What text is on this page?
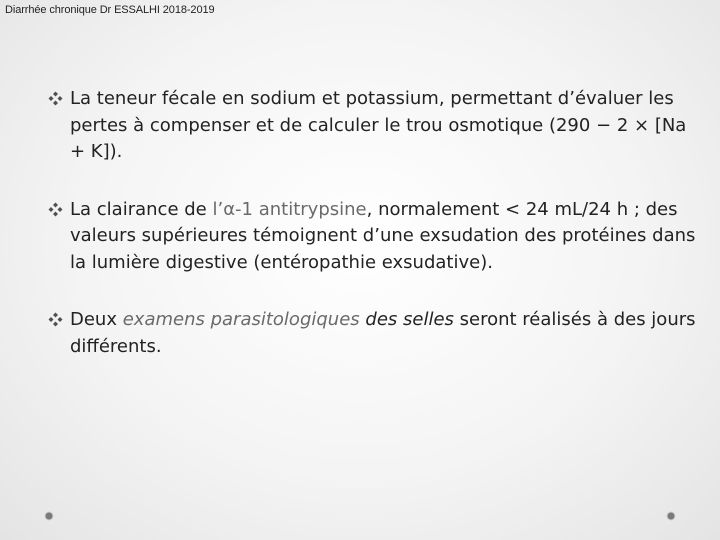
Diarrhée chronique Dr ESSALHI 2018-2019
La teneur fécale en sodium et potassium, permettant d’évaluer les pertes à compenser et de calculer le trou osmotique (290 − 2 × [Na + K]).
La clairance de l’α-1 antitrypsine, normalement < 24 mL/24 h ; des valeurs supérieures témoignent d’une exsudation des protéines dans la lumière digestive (entéropathie exsudative).
Deux examens parasitologiques des selles seront réalisés à des jours différents.
